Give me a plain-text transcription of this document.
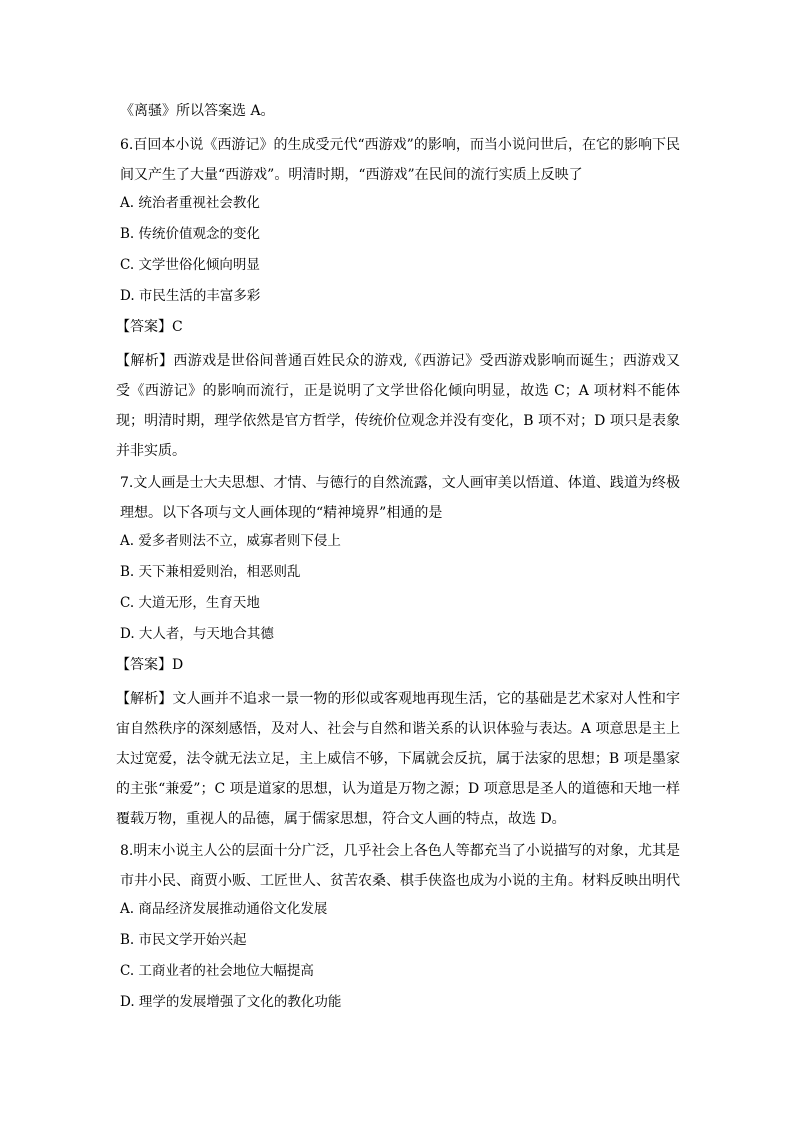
《离骚》所以答案选 A。

6.百回本小说《西游记》的生成受元代“西游戏”的影响，而当小说问世后，在它的影响下民间又产生了大量“西游戏”。明清时期，“西游戏”在民间的流行实质上反映了

A. 统治者重视社会教化

B. 传统价值观念的变化

C. 文学世俗化倾向明显

D. 市民生活的丰富多彩

【答案】C

【解析】西游戏是世俗间普通百姓民众的游戏,《西游记》受西游戏影响而诞生；西游戏又受《西游记》的影响而流行，正是说明了文学世俗化倾向明显，故选 C；A 项材料不能体现；明清时期，理学依然是官方哲学，传统价位观念并没有变化，B 项不对；D 项只是表象并非实质。

7.文人画是士大夫思想、才情、与德行的自然流露，文人画审美以悟道、体道、践道为终极理想。以下各项与文人画体现的“精神境界”相通的是

A. 爱多者则法不立，威寡者则下侵上

B. 天下兼相爱则治，相恶则乱

C. 大道无形，生育天地

D. 大人者，与天地合其德

【答案】D

【解析】文人画并不追求一景一物的形似或客观地再现生活，它的基础是艺术家对人性和宇宙自然秩序的深刻感悟，及对人、社会与自然和谐关系的认识体验与表达。A 项意思是主上太过宽爱，法令就无法立足，主上威信不够，下属就会反抗，属于法家的思想；B 项是墨家的主张“兼爱”；C 项是道家的思想，认为道是万物之源；D 项意思是圣人的道德和天地一样覆载万物，重视人的品德，属于儒家思想，符合文人画的特点，故选 D。

8.明末小说主人公的层面十分广泛，几乎社会上各色人等都充当了小说描写的对象，尤其是市井小民、商贾小贩、工匠世人、贫苦农桑、棋手侠盗也成为小说的主角。材料反映出明代

A. 商品经济发展推动通俗文化发展

B. 市民文学开始兴起

C. 工商业者的社会地位大幅提高

D. 理学的发展增强了文化的教化功能
